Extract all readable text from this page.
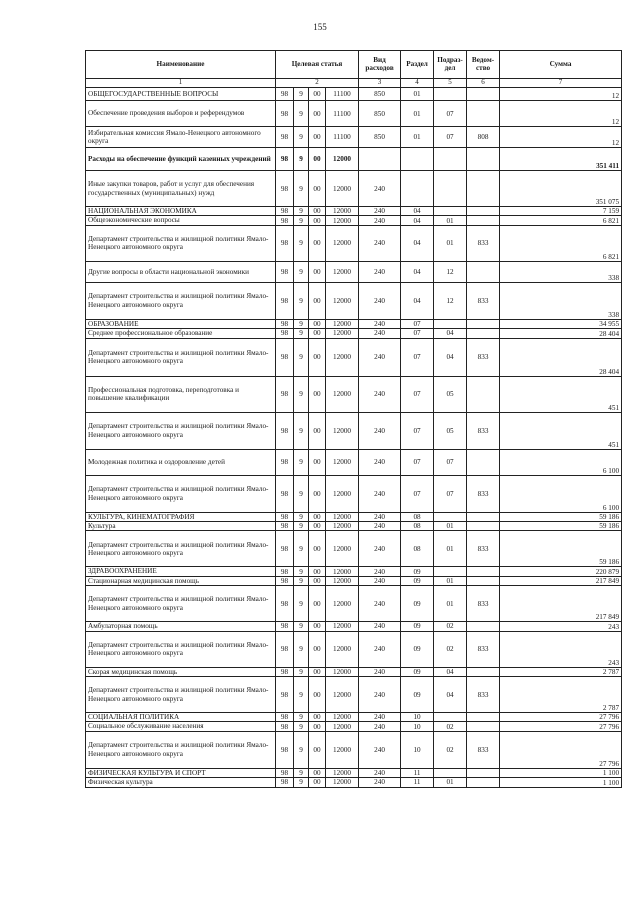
155
Наименование	Целевая статья				Вид расходов	Раздел	Подраз-дел	Ведом-ство	Сумма
1	2				3	4	5	6	7
ОБЩЕГОСУДАРСТВЕННЫЕ ВОПРОСЫ	98	9	00	11100	850	01			12
Обеспечение проведения выборов и референдумов	98	9	00	11100	850	01	07		12
Избирательная комиссия Ямало-Ненецкого автономного округа	98	9	00	11100	850	01	07	808	12
Расходы на обеспечение функций казенных учреждений	98	9	00	12000					351 411
Иные закупки товаров, работ и услуг для обеспечения государственных (муниципальных) нужд	98	9	00	12000	240				351 075
НАЦИОНАЛЬНАЯ ЭКОНОМИКА	98	9	00	12000	240	04			7 159
Общеэкономические вопросы	98	9	00	12000	240	04	01		6 821
Департамент строительства и жилищной политики Ямало-Ненецкого автономного округа	98	9	00	12000	240	04	01	833	6 821
Другие вопросы в области национальной экономики	98	9	00	12000	240	04	12		338
Департамент строительства и жилищной политики Ямало-Ненецкого автономного округа	98	9	00	12000	240	04	12	833	338
ОБРАЗОВАНИЕ	98	9	00	12000	240	07			34 955
Среднее профессиональное образование	98	9	00	12000	240	07	04		28 404
Департамент строительства и жилищной политики Ямало-Ненецкого автономного округа	98	9	00	12000	240	07	04	833	28 404
Профессиональная подготовка, переподготовка и повышение квалификации	98	9	00	12000	240	07	05		451
Департамент строительства и жилищной политики Ямало-Ненецкого автономного округа	98	9	00	12000	240	07	05	833	451
Молодежная политика и оздоровление детей	98	9	00	12000	240	07	07		6 100
Департамент строительства и жилищной политики Ямало-Ненецкого автономного округа	98	9	00	12000	240	07	07	833	6 100
КУЛЬТУРА, КИНЕМАТОГРАФИЯ	98	9	00	12000	240	08			59 186
Культура	98	9	00	12000	240	08	01		59 186
Департамент строительства и жилищной политики Ямало-Ненецкого автономного округа	98	9	00	12000	240	08	01	833	59 186
ЗДРАВООХРАНЕНИЕ	98	9	00	12000	240	09			220 879
Стационарная медицинская помощь	98	9	00	12000	240	09	01		217 849
Департамент строительства и жилищной политики Ямало-Ненецкого автономного округа	98	9	00	12000	240	09	01	833	217 849
Амбулаторная помощь	98	9	00	12000	240	09	02		243
Департамент строительства и жилищной политики Ямало-Ненецкого автономного округа	98	9	00	12000	240	09	02	833	243
Скорая медицинская помощь	98	9	00	12000	240	09	04		2 787
Департамент строительства и жилищной политики Ямало-Ненецкого автономного округа	98	9	00	12000	240	09	04	833	2 787
СОЦИАЛЬНАЯ ПОЛИТИКА	98	9	00	12000	240	10			27 796
Социальное обслуживание населения	98	9	00	12000	240	10	02		27 796
Департамент строительства и жилищной политики Ямало-Ненецкого автономного округа	98	9	00	12000	240	10	02	833	27 796
ФИЗИЧЕСКАЯ КУЛЬТУРА И СПОРТ	98	9	00	12000	240	11			1 100
Физическая культура	98	9	00	12000	240	11	01		1 100
